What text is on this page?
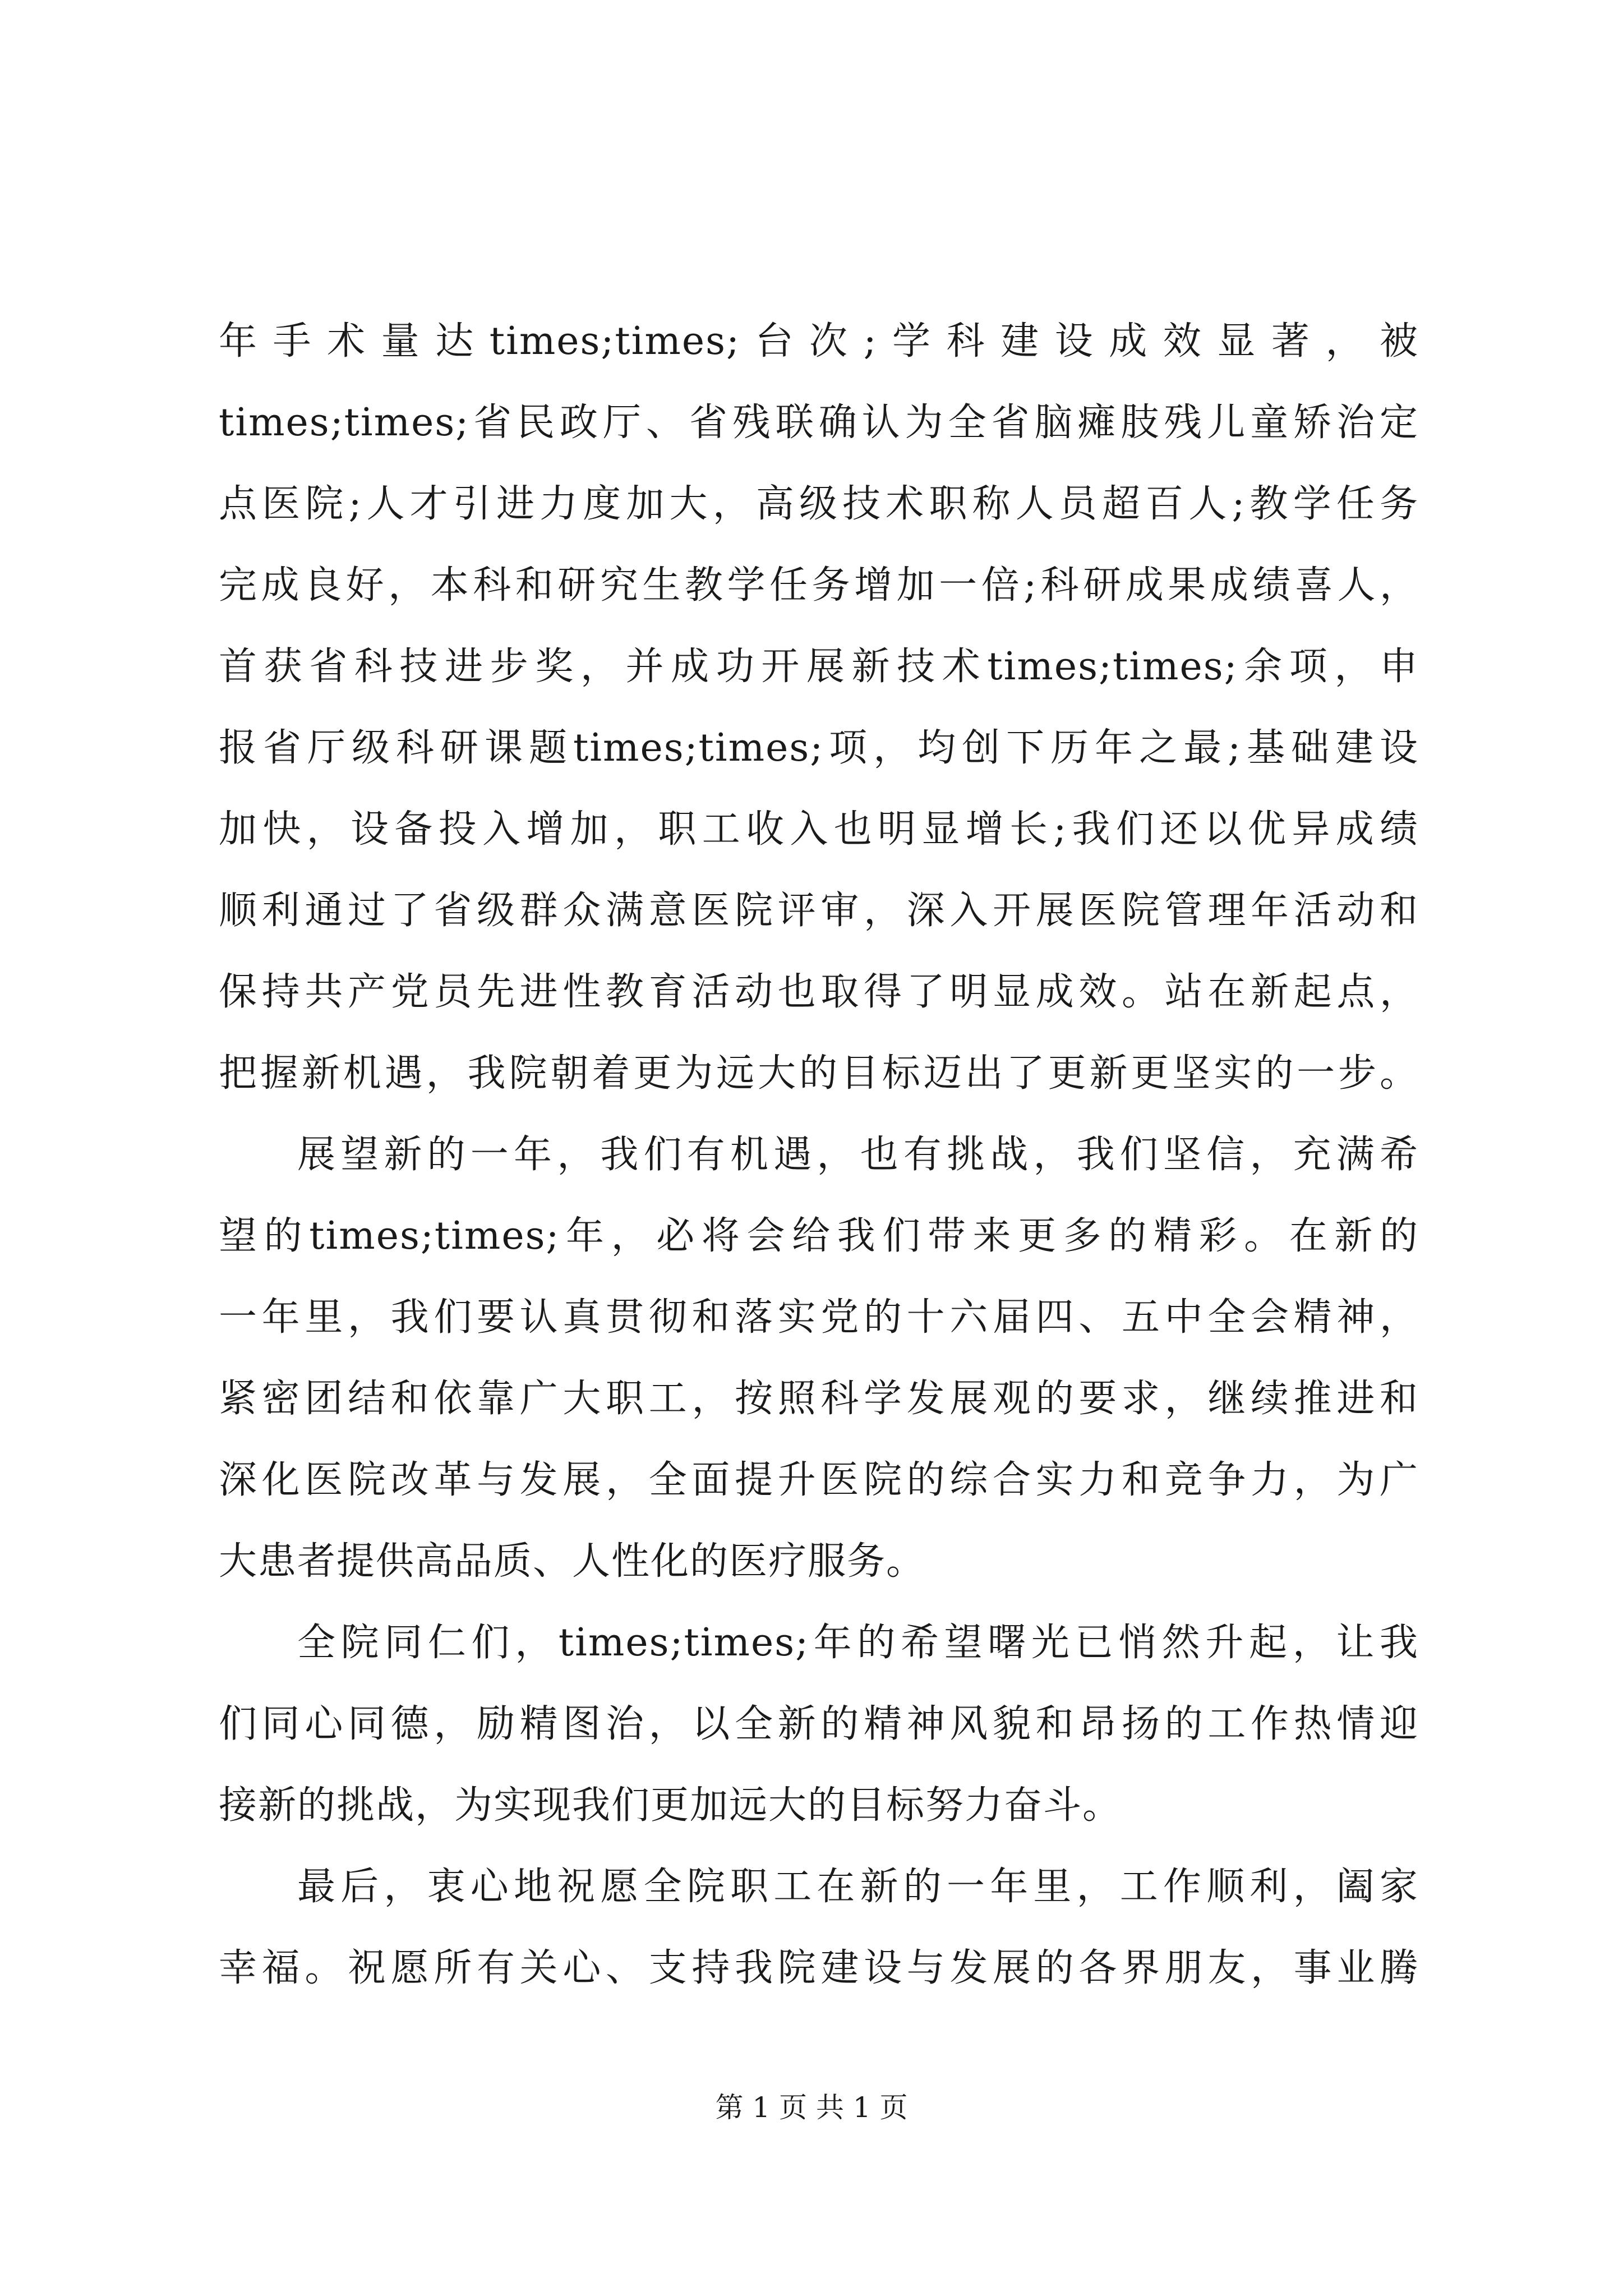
年手术量达times;times;台次;学科建设成效显著，被
times;times;省民政厅、省残联确认为全省脑瘫肢残儿童矫治定
点医院;人才引进力度加大，高级技术职称人员超百人;教学任务
完成良好，本科和研究生教学任务增加一倍;科研成果成绩喜人，
首获省科技进步奖，并成功开展新技术times;times;余项，申
报省厅级科研课题times;times;项，均创下历年之最;基础建设
加快，设备投入增加，职工收入也明显增长;我们还以优异成绩
顺利通过了省级群众满意医院评审，深入开展医院管理年活动和
保持共产党员先进性教育活动也取得了明显成效。站在新起点，
把握新机遇，我院朝着更为远大的目标迈出了更新更坚实的一步。
展望新的一年，我们有机遇，也有挑战，我们坚信，充满希
望的times;times;年，必将会给我们带来更多的精彩。在新的
一年里，我们要认真贯彻和落实党的十六届四、五中全会精神，
紧密团结和依靠广大职工，按照科学发展观的要求，继续推进和
深化医院改革与发展，全面提升医院的综合实力和竞争力，为广
大患者提供高品质、人性化的医疗服务。
全院同仁们，times;times;年的希望曙光已悄然升起，让我
们同心同德，励精图治，以全新的精神风貌和昂扬的工作热情迎
接新的挑战，为实现我们更加远大的目标努力奋斗。
最后，衷心地祝愿全院职工在新的一年里，工作顺利，阖家
幸福。祝愿所有关心、支持我院建设与发展的各界朋友，事业腾
第 1 页 共 1 页
